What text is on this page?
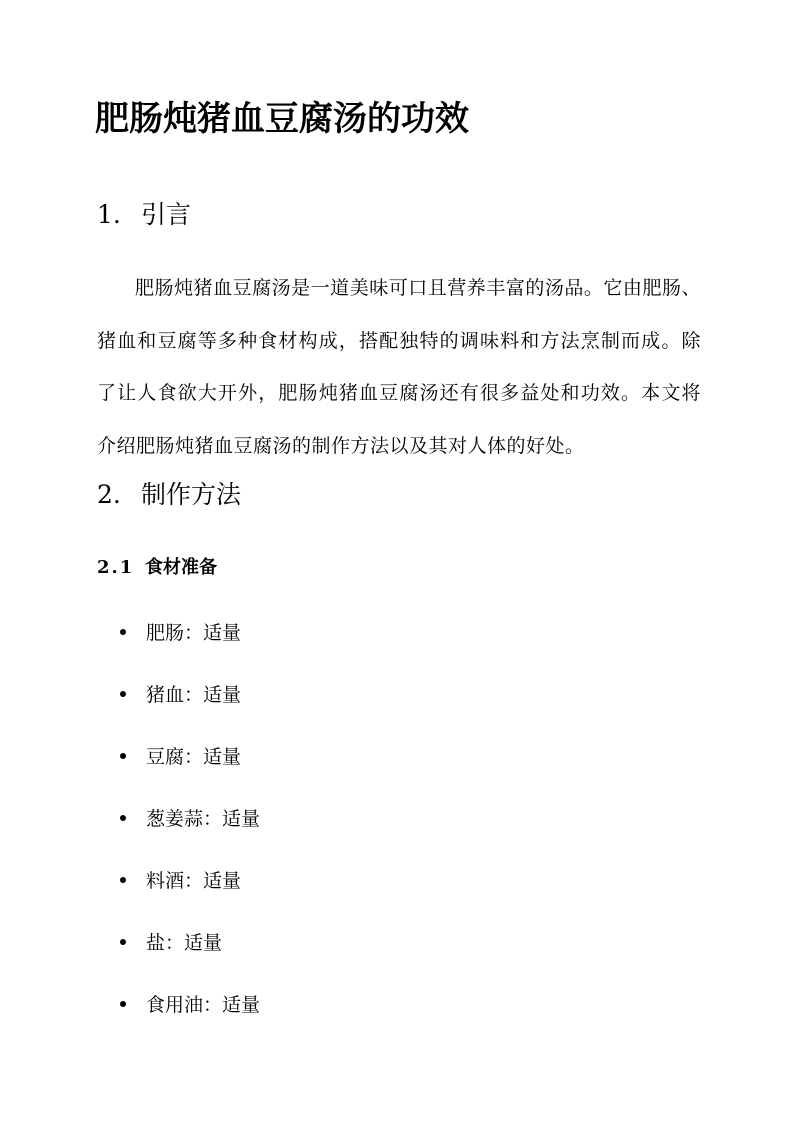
肥肠炖猪血豆腐汤的功效
1. 引言

肥肠炖猪血豆腐汤是一道美味可口且营养丰富的汤品。它由肥肠、猪血和豆腐等多种食材构成，搭配独特的调味料和方法烹制而成。除了让人食欲大开外，肥肠炖猪血豆腐汤还有很多益处和功效。本文将介绍肥肠炖猪血豆腐汤的制作方法以及其对人体的好处。

2. 制作方法
2.1 食材准备
肥肠：适量
猪血：适量
豆腐：适量
葱姜蒜：适量
料酒：适量
盐：适量
食用油：适量
